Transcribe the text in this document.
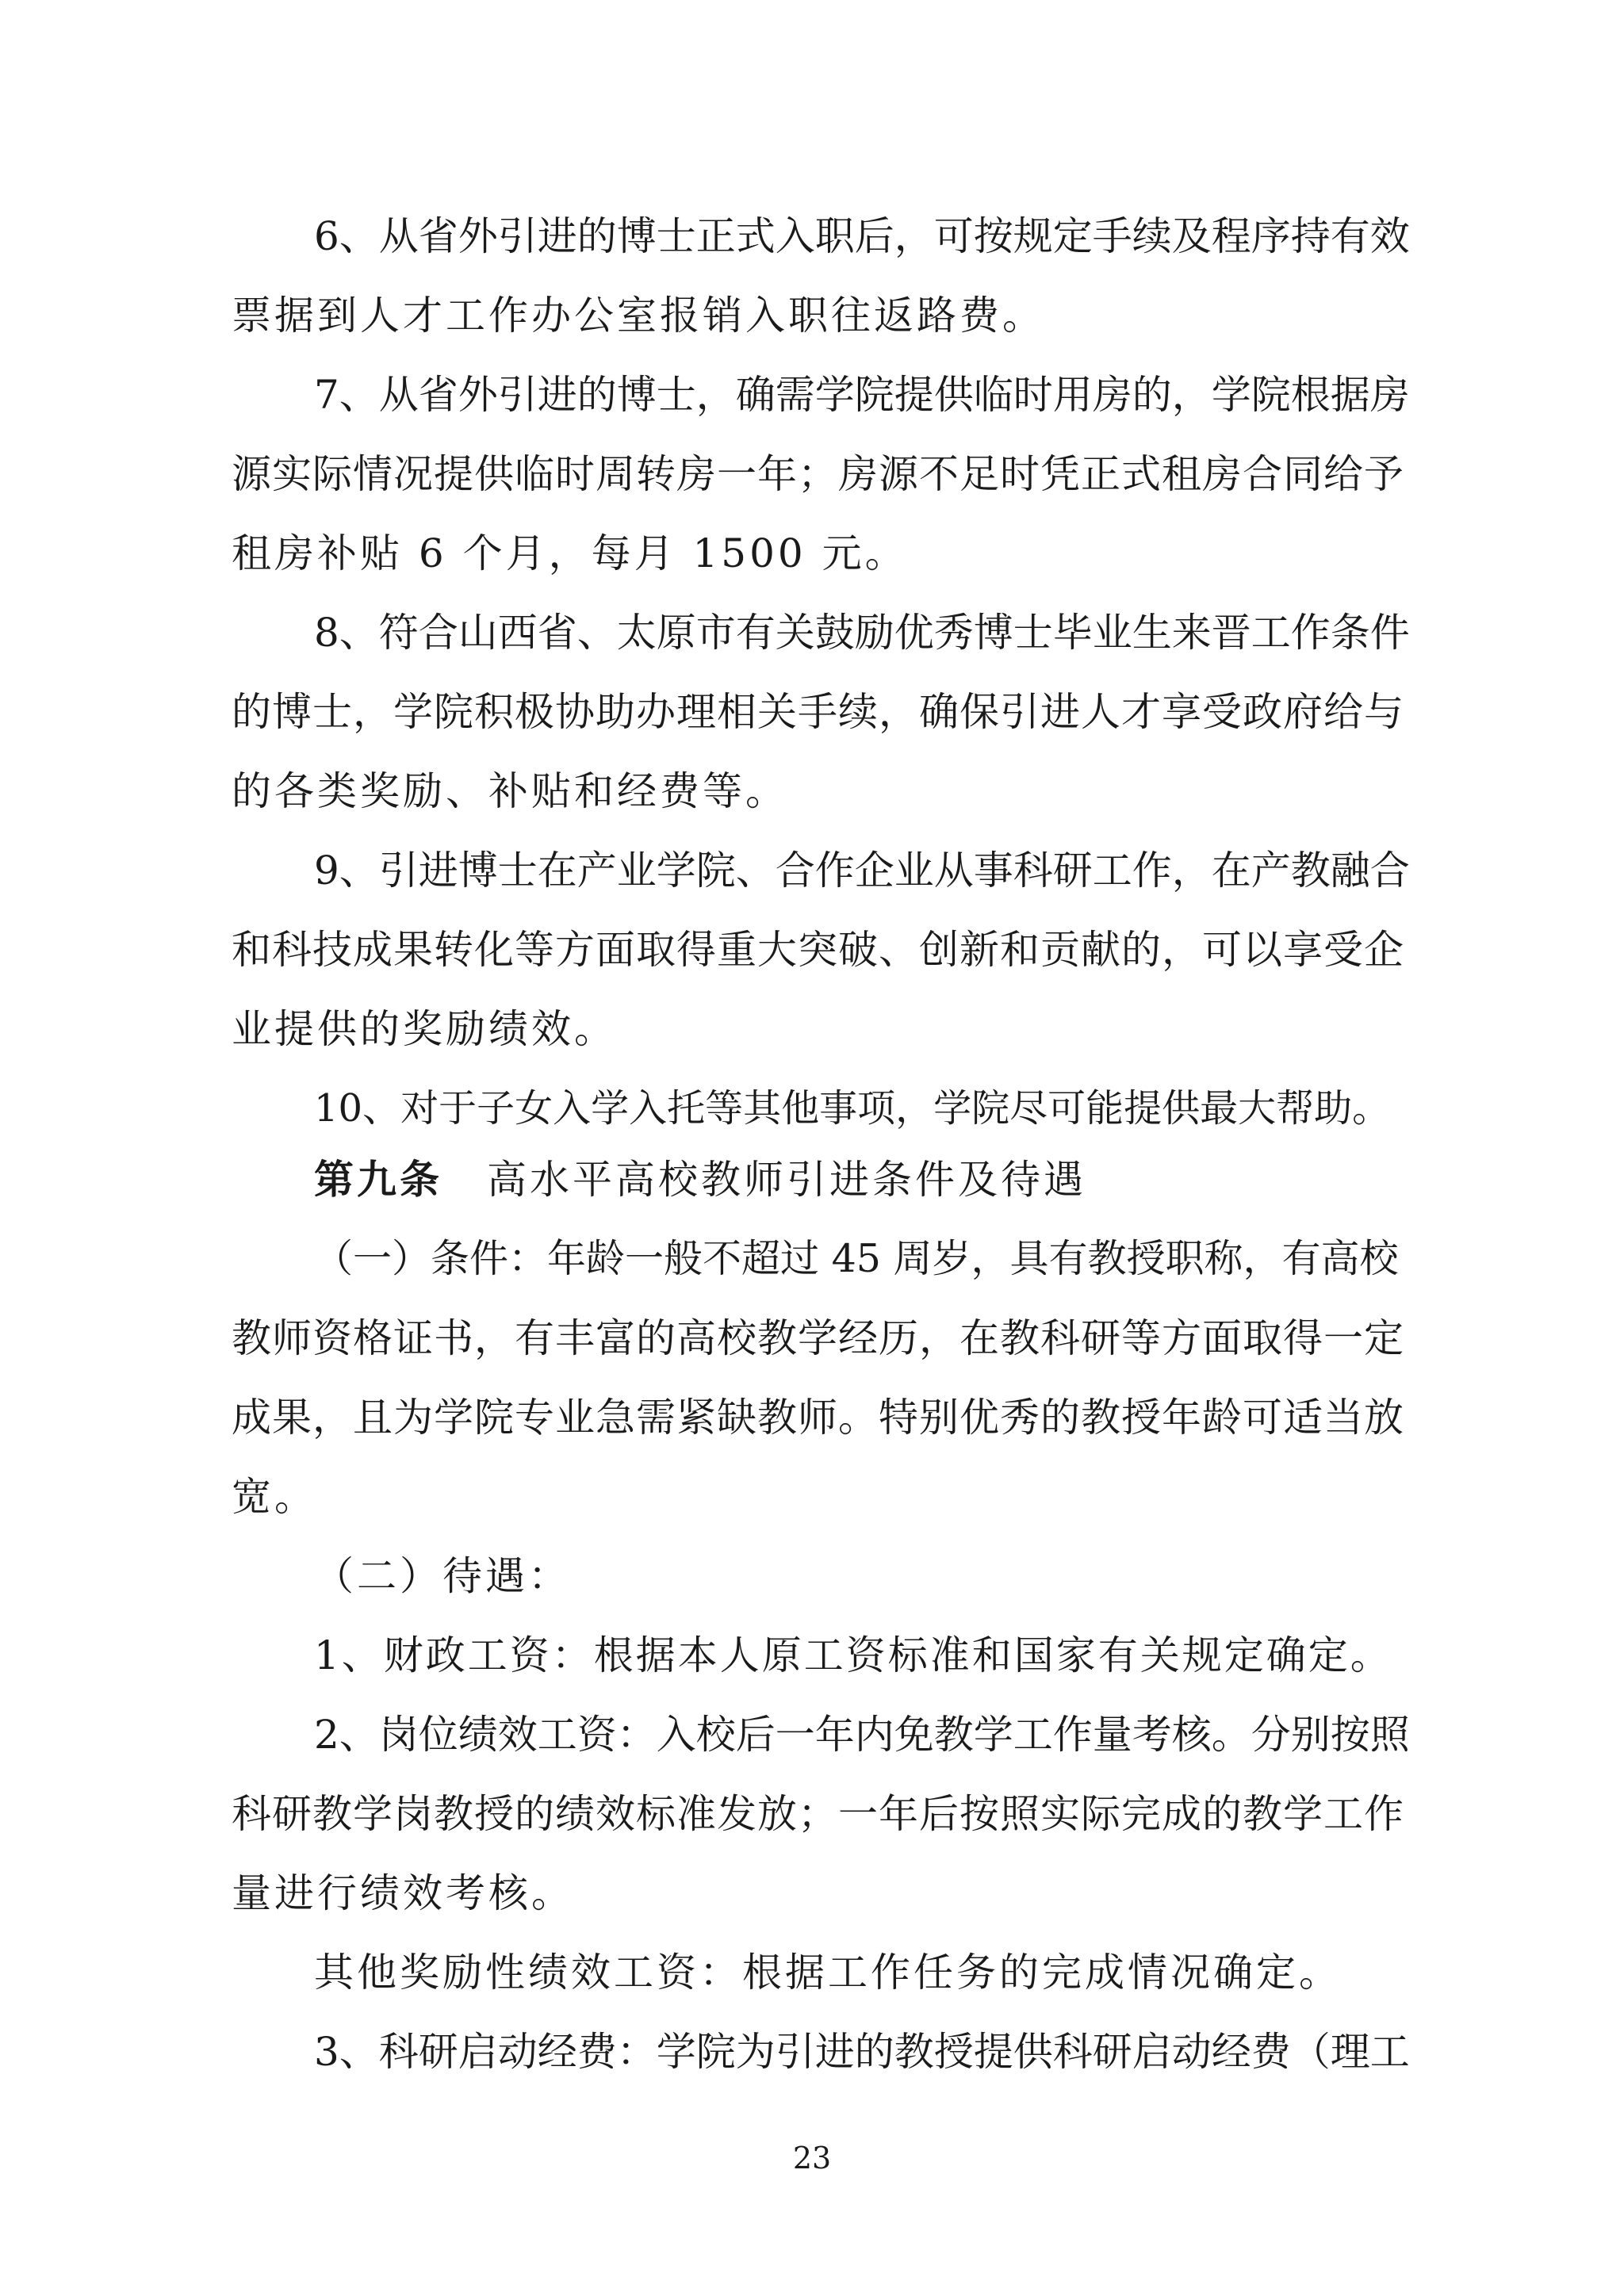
6、从省外引进的博士正式入职后，可按规定手续及程序持有效
票据到人才工作办公室报销入职往返路费。
7、从省外引进的博士，确需学院提供临时用房的，学院根据房
源实际情况提供临时周转房一年；房源不足时凭正式租房合同给予
租房补贴 6 个月，每月 1500 元。
8、符合山西省、太原市有关鼓励优秀博士毕业生来晋工作条件
的博士，学院积极协助办理相关手续，确保引进人才享受政府给与
的各类奖励、补贴和经费等。
9、引进博士在产业学院、合作企业从事科研工作，在产教融合
和科技成果转化等方面取得重大突破、创新和贡献的，可以享受企
业提供的奖励绩效。
10、对于子女入学入托等其他事项，学院尽可能提供最大帮助。
第九条 高水平高校教师引进条件及待遇
（一）条件：年龄一般不超过 45 周岁，具有教授职称，有高校
教师资格证书，有丰富的高校教学经历，在教科研等方面取得一定
成果，且为学院专业急需紧缺教师。特别优秀的教授年龄可适当放
宽。
（二）待遇：
1、财政工资：根据本人原工资标准和国家有关规定确定。
2、岗位绩效工资：入校后一年内免教学工作量考核。分别按照
科研教学岗教授的绩效标准发放；一年后按照实际完成的教学工作
量进行绩效考核。
其他奖励性绩效工资：根据工作任务的完成情况确定。
3、科研启动经费：学院为引进的教授提供科研启动经费（理工
23
